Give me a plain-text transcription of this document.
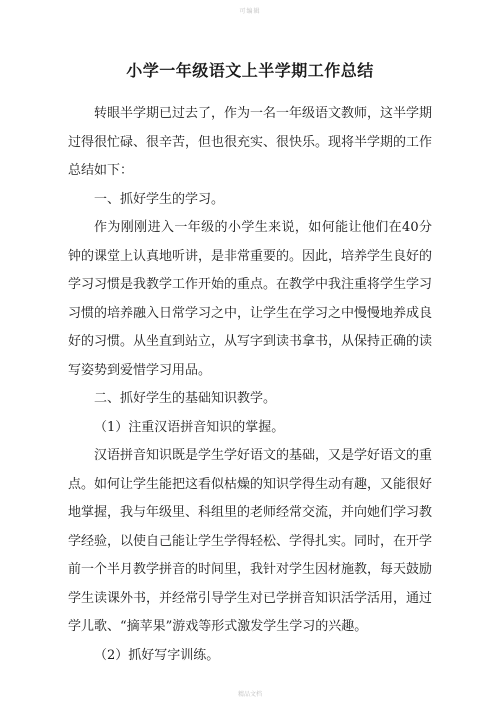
可编辑
小学一年级语文上半学期工作总结

转眼半学期已过去了，作为一名一年级语文教师，这半学期过得很忙碌、很辛苦，但也很充实、很快乐。现将半学期的工作总结如下：

一、抓好学生的学习。

作为刚刚进入一年级的小学生来说，如何能让他们在40分钟的课堂上认真地听讲，是非常重要的。因此，培养学生良好的学习习惯是我教学工作开始的重点。在教学中我注重将学生学习习惯的培养融入日常学习之中，让学生在学习之中慢慢地养成良好的习惯。从坐直到站立，从写字到读书拿书，从保持正确的读写姿势到爱惜学习用品。

二、抓好学生的基础知识教学。

（1）注重汉语拼音知识的掌握。

汉语拼音知识既是学生学好语文的基础，又是学好语文的重点。如何让学生能把这看似枯燥的知识学得生动有趣，又能很好地掌握，我与年级里、科组里的老师经常交流，并向她们学习教学经验，以使自己能让学生学得轻松、学得扎实。同时，在开学前一个半月教学拼音的时间里，我针对学生因材施教，每天鼓励学生读课外书，并经常引导学生对已学拼音知识活学活用，通过学儿歌、“摘苹果”游戏等形式激发学生学习的兴趣。

（2）抓好写字训练。

精品文档
